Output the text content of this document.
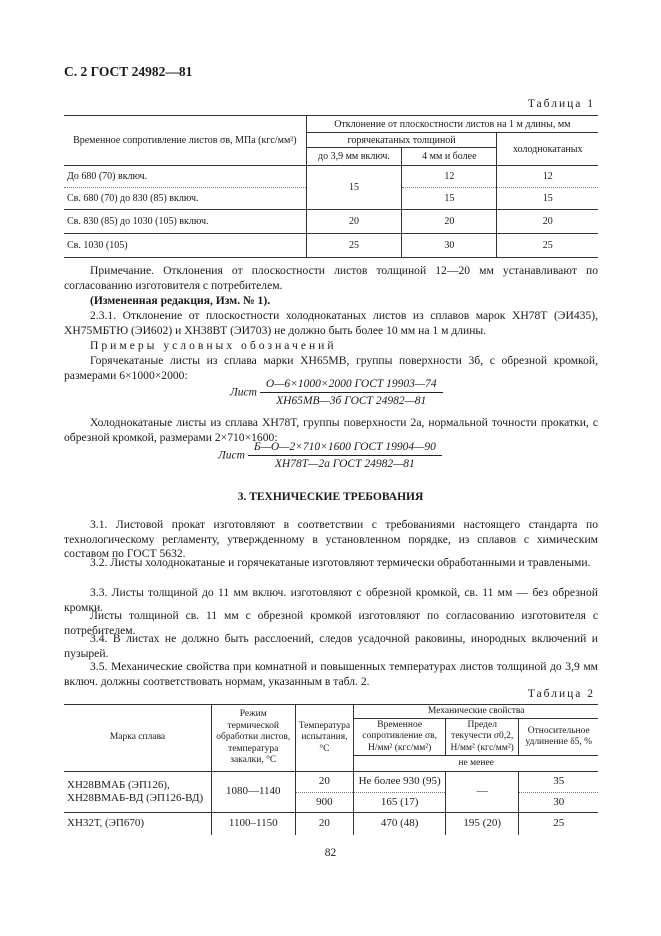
С. 2 ГОСТ 24982—81
Таблица 1
Временное сопротивление листов σв, МПа (кгс/мм²)	Отклонение от плоскостности листов на 1 м длины, мм		
	горячекатаных толщиной		холоднокатаных
	до 3,9 мм включ.	4 мм и более	
До 680 (70) включ.	15	12	12
Св. 680 (70) до 830 (85) включ.		15	15
Св. 830 (85) до 1030 (105) включ.	20	20	20
Св. 1030 (105)	25	30	25
Примечание. Отклонения от плоскостности листов толщиной 12—20 мм устанавливают по согласованию изготовителя с потребителем.
(Измененная редакция, Изм. № 1).
2.3.1. Отклонение от плоскостности холоднокатаных листов из сплавов марок ХН78Т (ЭИ435), ХН75МБТЮ (ЭИ602) и ХН38ВТ (ЭИ703) не должно быть более 10 мм на 1 м длины.
Примеры условных обозначений
Горячекатаные листы из сплава марки ХН65МВ, группы поверхности 3б, с обрезной кромкой, размерами 6×1000×2000:
Лист $\frac{\text{О—6×1000×2000 ГОСТ 19903—74}}{\text{ХН65МВ—3б ГОСТ 24982—81}}$
Холоднокатаные листы из сплава ХН78Т, группы поверхности 2а, нормальной точности прокатки, с обрезной кромкой, размерами 2×710×1600:
Лист $\frac{\text{Б—О—2×710×1600 ГОСТ 19904—90}}{\text{ХН78Т—2а ГОСТ 24982—81}}$
3. ТЕХНИЧЕСКИЕ ТРЕБОВАНИЯ
3.1. Листовой прокат изготовляют в соответствии с требованиями настоящего стандарта по технологическому регламенту, утвержденному в установленном порядке, из сплавов с химическим составом по ГОСТ 5632.
3.2. Листы холоднокатаные и горячекатаные изготовляют термически обработанными и травлеными.
3.3. Листы толщиной до 11 мм включ. изготовляют с обрезной кромкой, св. 11 мм — без обрезной кромки.
Листы толщиной св. 11 мм с обрезной кромкой изготовляют по согласованию изготовителя с потребителем.
3.4. В листах не должно быть расслоений, следов усадочной раковины, инородных включений и пузырей.
3.5. Механические свойства при комнатной и повышенных температурах листов толщиной до 3,9 мм включ. должны соответствовать нормам, указанным в табл. 2.
Таблица 2
Марка сплава	Режим термической обработки листов, температура закалки, °С	Температура испытания, °С	Механические свойства		
			Временное сопротивление σв, Н/мм² (кгс/мм²)	Предел текучести σ0,2, Н/мм² (кгс/мм²)	Относительное удлинение δ5, %
			не менее		

ХН28ВМАБ (ЭП126),
ХН28ВМАБ-ВД (ЭП126-ВД)	1080—1140	20	Не более 930 (95)	—	35
		900	165 (17)		30
ХН32Т, (ЭП670)	1100–1150	20	470 (48)	195 (20)	25
82
